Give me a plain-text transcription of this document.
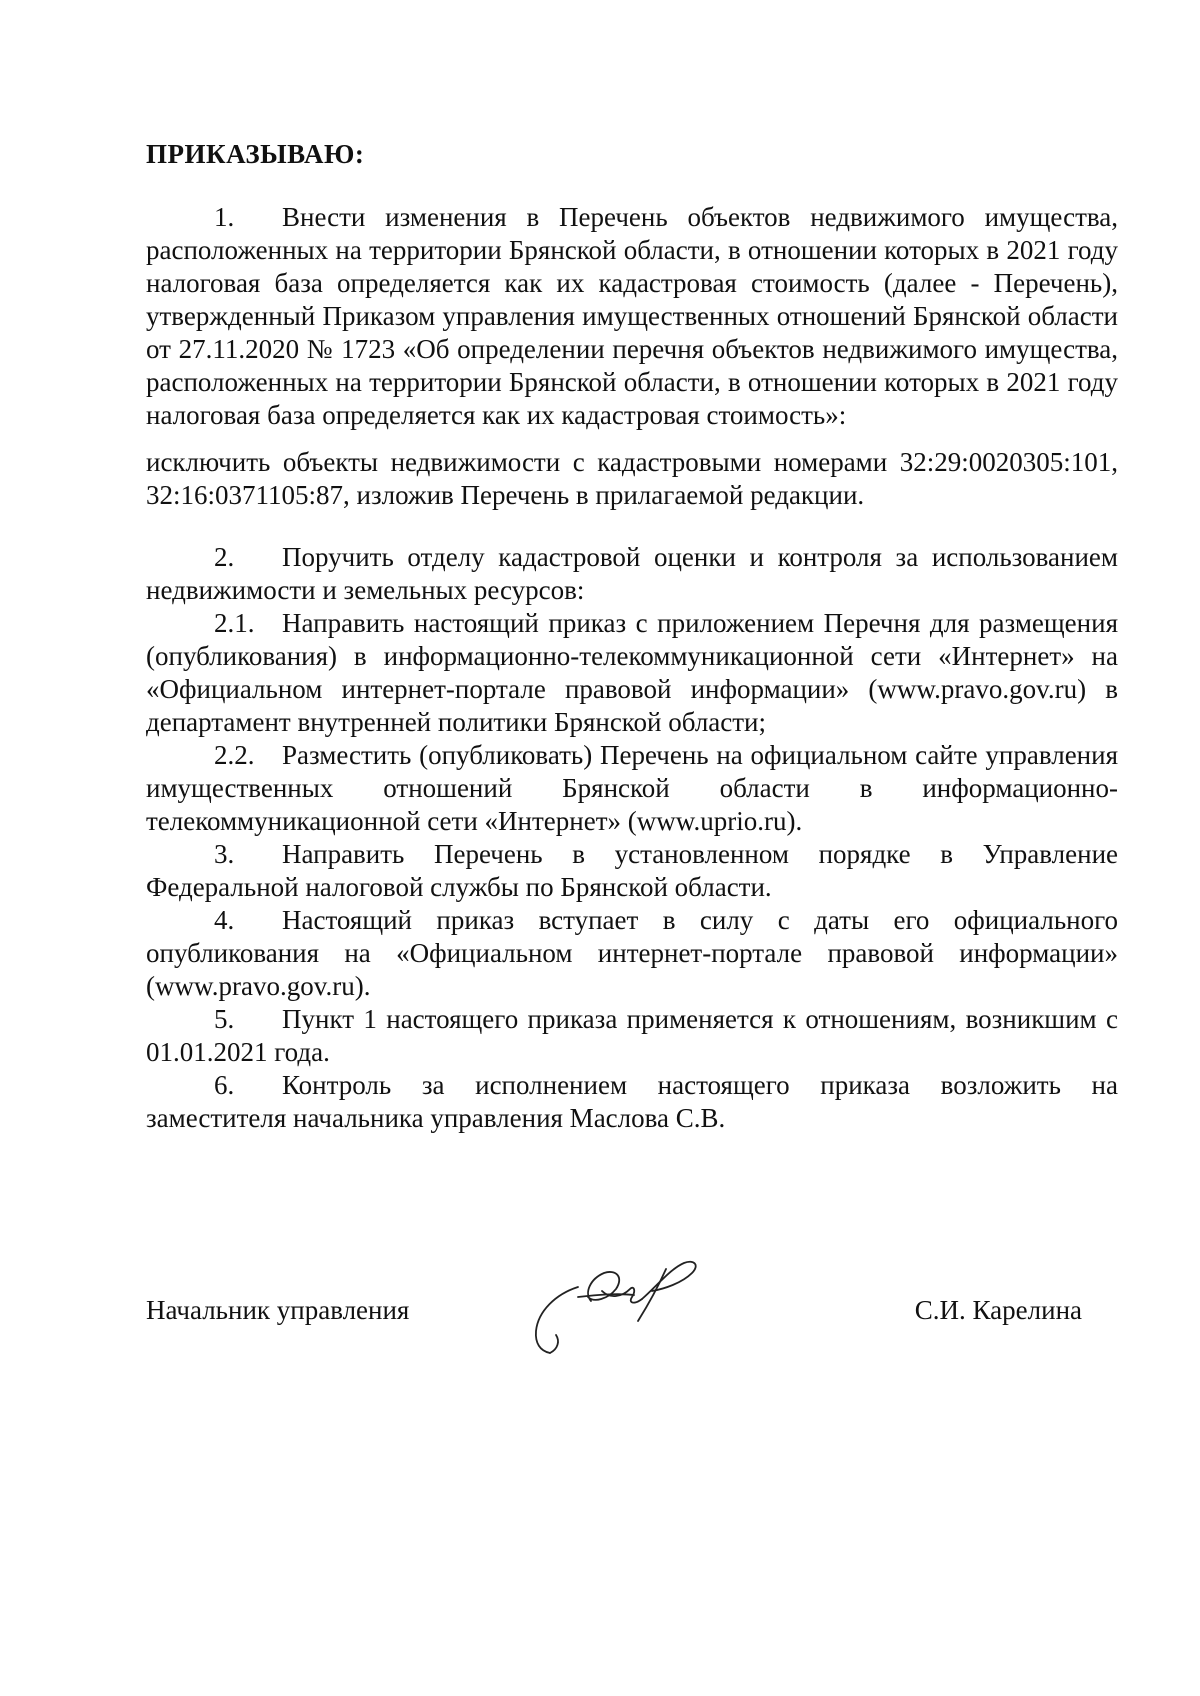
ПРИКАЗЫВАЮ:

1. Внести изменения в Перечень объектов недвижимого имущества, расположенных на территории Брянской области, в отношении которых в 2021 году налоговая база определяется как их кадастровая стоимость (далее - Перечень), утвержденный Приказом управления имущественных отношений Брянской области от 27.11.2020 № 1723 «Об определении перечня объектов недвижимого имущества, расположенных на территории Брянской области, в отношении которых в 2021 году налоговая база определяется как их кадастровая стоимость»:

исключить объекты недвижимости с кадастровыми номерами 32:29:0020305:101, 32:16:0371105:87, изложив Перечень в прилагаемой редакции.

2. Поручить отделу кадастровой оценки и контроля за использованием недвижимости и земельных ресурсов:

2.1. Направить настоящий приказ с приложением Перечня для размещения (опубликования) в информационно-телекоммуникационной сети «Интернет» на «Официальном интернет-портале правовой информации» (www.pravo.gov.ru) в департамент внутренней политики Брянской области;

2.2. Разместить (опубликовать) Перечень на официальном сайте управления имущественных отношений Брянской области в информационно-телекоммуникационной сети «Интернет» (www.uprio.ru).

3. Направить Перечень в установленном порядке в Управление Федеральной налоговой службы по Брянской области.

4. Настоящий приказ вступает в силу с даты его официального опубликования на «Официальном интернет-портале правовой информации» (www.pravo.gov.ru).

5. Пункт 1 настоящего приказа применяется к отношениям, возникшим с 01.01.2021 года.

6. Контроль за исполнением настоящего приказа возложить на заместителя начальника управления Маслова С.В.

Начальник управления	С.И. Карелина
